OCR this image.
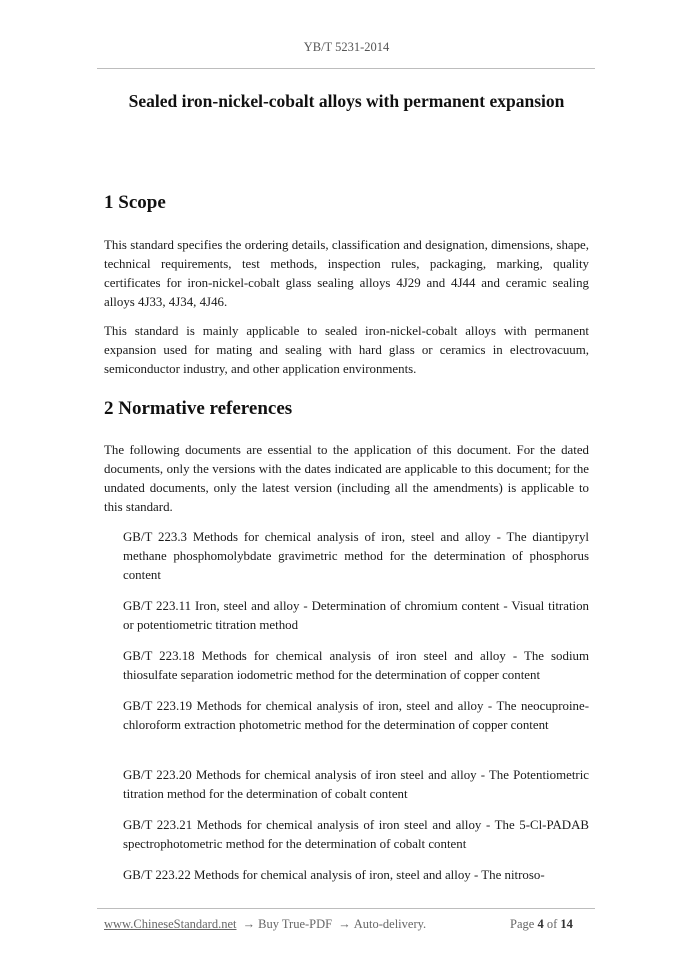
YB/T 5231-2014
Sealed iron-nickel-cobalt alloys with permanent expansion
1 Scope
This standard specifies the ordering details, classification and designation, dimensions, shape, technical requirements, test methods, inspection rules, packaging, marking, quality certificates for iron-nickel-cobalt glass sealing alloys 4J29 and 4J44 and ceramic sealing alloys 4J33, 4J34, 4J46.
This standard is mainly applicable to sealed iron-nickel-cobalt alloys with permanent expansion used for mating and sealing with hard glass or ceramics in electrovacuum, semiconductor industry, and other application environments.
2 Normative references
The following documents are essential to the application of this document. For the dated documents, only the versions with the dates indicated are applicable to this document; for the undated documents, only the latest version (including all the amendments) is applicable to this standard.
GB/T 223.3 Methods for chemical analysis of iron, steel and alloy - The diantipyryl methane phosphomolybdate gravimetric method for the determination of phosphorus content
GB/T 223.11 Iron, steel and alloy - Determination of chromium content - Visual titration or potentiometric titration method
GB/T 223.18 Methods for chemical analysis of iron steel and alloy - The sodium thiosulfate separation iodometric method for the determination of copper content
GB/T 223.19 Methods for chemical analysis of iron, steel and alloy - The neocuproine-chloroform extraction photometric method for the determination of copper content
GB/T 223.20 Methods for chemical analysis of iron steel and alloy - The Potentiometric titration method for the determination of cobalt content
GB/T 223.21 Methods for chemical analysis of iron steel and alloy - The 5-Cl-PADAB spectrophotometric method for the determination of cobalt content
GB/T 223.22 Methods for chemical analysis of iron, steel and alloy - The nitroso-
www.ChineseStandard.net → Buy True-PDF → Auto-delivery.	Page 4 of 14
